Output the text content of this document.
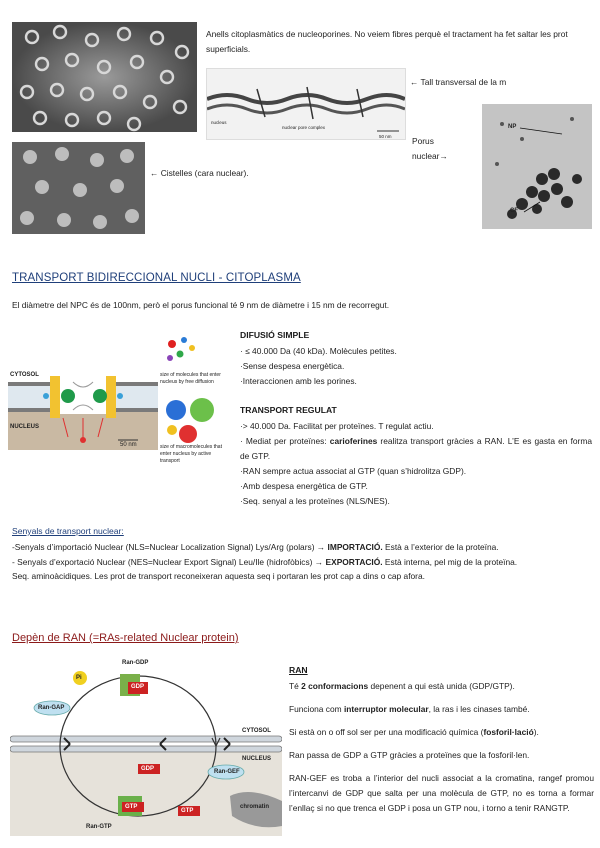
Anells citoplasmàtics de nucleoporines. No veiem fibres perquè el tractament ha fet saltar les prot superficials.
nuclear pore complex
nucleus
50 nm
← Tall transversal de la m
NP
CF
Porus
nuclear→
← Cistelles (cara nuclear).
TRANSPORT BIDIRECCIONAL NUCLI - CITOPLASMA
El diàmetre del NPC és de 100nm, però el porus funcional té 9 nm de diàmetre i 15 nm de recorregut.
CYTOSOL
NUCLEUS
50 nm
size of molecules that enter nucleus by free diffusion
size of macromolecules that enter nucleus by active transport
DIFUSIÓ SIMPLE
· ≤ 40.000 Da (40 kDa). Molècules petites.
·Sense despesa energètica.
·Interaccionen amb les porines.
TRANSPORT REGULAT
·> 40.000 Da. Facilitat per proteïnes. T regulat actiu.
· Mediat per proteïnes: carioferines realitza transport gràcies a RAN. L’E es gasta en forma de GTP.
·RAN sempre actua associat al GTP (quan s’hidrolitza GDP).
·Amb despesa energètica de GTP.
·Seq. senyal a les proteïnes (NLS/NES).
Senyals de transport nuclear:
-Senyals d’importació Nuclear (NLS=Nuclear Localization Signal) Lys/Arg (polars) → IMPORTACIÓ. Està a l’exterior de la proteïna.
- Senyals d’exportació Nuclear (NES=Nuclear Export Signal) Leu/Ile (hidrofòbics) → EXPORTACIÓ. Està interna, pel mig de la proteïna.
Seq. aminoàcidiques. Les prot de transport reconeixeran aquesta seq i portaran les prot cap a dins o cap afora.
Depèn de RAN (=RAs-related Nuclear protein)
Ran-GDP
GDP
Pi
Ran-GAP
CYTOSOL
NUCLEUS
Ran-GEF
GDP
GTP
GTP
Ran-GTP
chromatin
RAN
Té 2 conformacions depenent a qui està unida (GDP/GTP).
Funciona com interruptor molecular, la ras i les cinases també.
Si està on o off sol ser per una modificació química (fosforil·lació).
Ran passa de GDP a GTP gràcies a proteïnes que la fosforil·len.
RAN-GEF es troba a l’interior del nucli associat a la cromatina, rangef promou l’intercanvi de GDP que salta per una molècula de GTP, no es torna a formar l’enllaç si no que trenca el GDP i posa un GTP nou, i torno a tenir RANGTP.
